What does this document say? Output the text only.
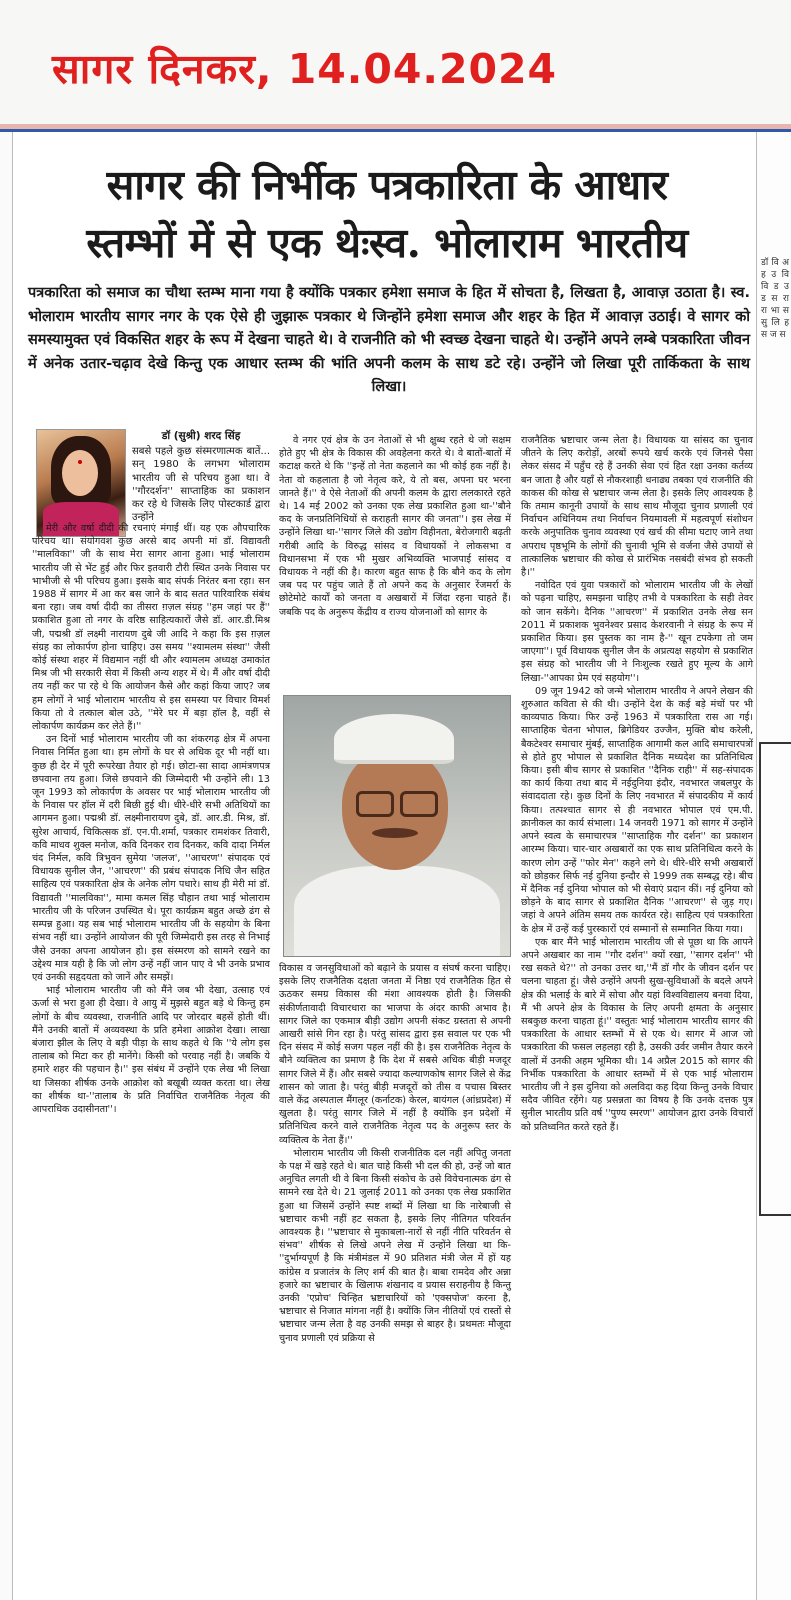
सागर दिनकर, 14.04.2024
डॉ वि अ ह उ वि वि ड उ ड स रा रा भा स सु लि ह स ज स
सागर की निर्भीक पत्रकारिता के आधार
स्तम्भों में से एक थेःस्व. भोलाराम भारतीय
पत्रकारिता को समाज का चौथा स्तम्भ माना गया है क्योंकि पत्रकार हमेशा समाज के हित में सोचता है, लिखता है, आवाज़ उठाता है। स्व. भोलाराम भारतीय सागर नगर के एक ऐसे ही जुझारू पत्रकार थे जिन्होंने हमेशा समाज और शहर के हित में आवाज़ उठाई। वे सागर को समस्यामुक्त एवं विकसित शहर के रूप में देखना चाहते थे। वे राजनीति को भी स्वच्छ देखना चाहते थे। उन्होंने अपने लम्बे पत्रकारिता जीवन में अनेक उतार-चढ़ाव देखे किन्तु एक आधार स्तम्भ की भांति अपनी कलम के साथ डटे रहे। उन्होंने जो लिखा पूरी तार्किकता के साथ लिखा।
डॉ (सुश्री) शरद सिंह
सबसे पहले कुछ संस्मरणात्मक बातें... सन् 1980 के लगभग भोलाराम भारतीय जी से परिचय हुआ था। वे ''गौरदर्शन'' साप्ताहिक का प्रकाशन कर रहे थे जिसके लिए पोस्टकार्ड द्वारा उन्होंने

मेरी और वर्षा दीदी की रचनाएं मंगाईं थीं। यह एक औपचारिक परिचय था। संयोगवश कुछ अरसे बाद अपनी मां डॉ. विद्यावती ''मालविका'' जी के साथ मेरा सागर आना हुआ। भाई भोलाराम भारतीय जी से भेंट हुई और फिर इतवारी टौरी स्थित उनके निवास पर भाभीजी से भी परिचय हुआ। इसके बाद संपर्क निरंतर बना रहा। सन 1988 में सागर में आ कर बस जाने के बाद सतत पारिवारिक संबंध बना रहा। जब वर्षा दीदी का तीसरा ग़ज़ल संग्रह ''हम जहां पर हैं'' प्रकाशित हुआ तो नगर के वरिष्ठ साहित्यकारों जैसे डॉ. आर.डी.मिश्र जी, पद्मश्री डॉ लक्ष्मी नारायण दुबे जी आदि ने कहा कि इस ग़ज़ल संग्रह का लोकार्पण होना चाहिए। उस समय ''श्यामलम संस्था'' जैसी कोई संस्था शहर में विद्यमान नहीं थी और श्यामलम अध्यक्ष उमाकांत मिश्र जी भी सरकारी सेवा में किसी अन्य शहर में थे। मैं और वर्षा दीदी तय नहीं कर पा रहे थे कि आयोजन कैसे और कहां किया जाए? जब हम लोगों ने भाई भोलाराम भारतीय से इस समस्या पर विचार विमर्श किया तो वे तत्काल बोल उठे, ''मेरे घर में बड़ा हॉल है, वहीं से लोकार्पण कार्यक्रम कर लेते हैं।''

उन दिनों भाई भोलाराम भारतीय जी का शंकरगढ़ क्षेत्र में अपना निवास निर्मित हुआ था। हम लोगों के घर से अधिक दूर भी नहीं था। कुछ ही देर में पूरी रूपरेखा तैयार हो गई। छोटा-सा सादा आमंत्रणपत्र छपवाना तय हुआ। जिसे छपवाने की जिम्मेदारी भी उन्होंने ली। 13 जून 1993 को लोकार्पण के अवसर पर भाई भोलाराम भारतीय जी के निवास पर हॉल में दरी बिछी हुई थी। धीरे-धीरे सभी अतिथियों का आगमन हुआ। पद्मश्री डॉ. लक्ष्मीनारायण दुबे, डॉ. आर.डी. मिश्र, डॉ. सुरेश आचार्य, चिकित्सक डॉ. एन.पी.शर्मा, पत्रकार रामशंकर तिवारी, कवि माधव शुक्ल मनोज, कवि दिनकर राव दिनकर, कवि दादा निर्मल चंद निर्मल, कवि त्रिभुवन सुमेया 'जलज', ''आचरण'' संपादक एवं विधायक सुनील जैन, ''आचरण'' की प्रबंध संपादक निधि जैन सहित साहित्य एवं पत्रकारिता क्षेत्र के अनेक लोग पधारे। साथ ही मेरी मां डॉ. विद्यावती ''मालविका'', मामा कमल सिंह चौहान तथा भाई भोलाराम भारतीय जी के परिजन उपस्थित थे। पूरा कार्यक्रम बहुत अच्छे ढंग से सम्पन्न हुआ। यह सब भाई भोलाराम भारतीय जी के सहयोग के बिना संभव नहीं था। उन्होंने आयोजन की पूरी जिम्मेदारी इस तरह से निभाई जैसे उनका अपना आयोजन हो। इस संस्मरण को सामने रखने का उद्देश्य मात्र यही है कि जो लोग उन्हें नहीं जान पाए वे भी उनके प्रभाव एवं उनकी सहृदयता को जानें और समझें।

भाई भोलाराम भारतीय जी को मैंने जब भी देखा, उत्साह एवं ऊर्जा से भरा हुआ ही देखा। वे आयु में मुझसे बहुत बड़े थे किन्तु हम लोगों के बीच व्यवस्था, राजनीति आदि पर जोरदार बहसें होती थीं। मैंने उनकी बातों में अव्यवस्था के प्रति हमेशा आक्रोश देखा। लाखा बंजारा झील के लिए वे बड़ी पीड़ा के साथ कहते थे कि ''ये लोग इस तालाब को मिटा कर ही मानेंगे। किसी को परवाह नहीं है। जबकि ये हमारे शहर की पहचान है।'' इस संबंध में उन्होंने एक लेख भी लिखा था जिसका शीर्षक उनके आक्रोश को बखूबी व्यक्त करता था। लेख का शीर्षक था-''तालाब के प्रति निर्वाचित राजनैतिक नेतृत्व की आपराधिक उदासीनता''।

वे नगर एवं क्षेत्र के उन नेताओं से भी क्षुब्ध रहते थे जो सक्षम होते हुए भी क्षेत्र के विकास की अवहेलना करते थे। वे बातों-बातों में कटाक्ष करते थे कि ''इन्हें तो नेता कहलाने का भी कोई हक नहीं है। नेता वो कहलाता है जो नेतृत्व करे, ये तो बस, अपना घर भरना जानते हैं।'' वे ऐसे नेताओं की अपनी कलम के द्वारा ललकारते रहते थे। 14 मई 2002 को उनका एक लेख प्रकाशित हुआ था-''बौने कद के जनप्रतिनिधियों से कराहती सागर की जनता''। इस लेख में उन्होंने लिखा था-''सागर जिले की उद्योग विहीनता, बेरोजगारी बढ़ती गरीबी आदि के विरुद्ध सांसद व विधायकों ने लोकसभा व विधानसभा में एक भी मुखर अभिव्यक्ति भाजपाई सांसद व विधायक ने नहीं की है। कारण बहुत साफ है कि बौने कद के लोग जब पद पर पहुंच जाते हैं तो अपने कद के अनुसार रेंजमर्रा के छोटेमोटे कार्यों को जनता व अखबारों में जिंदा रहना चाहते हैं। जबकि पद के अनुरूप केंद्रीय व राज्य योजनाओं को सागर के

विकास व जनसुविधाओं को बढ़ाने के प्रयास व संघर्ष करना चाहिए। इसके लिए राजनैतिक दक्षता जनता में निष्ठा एवं राजनैतिक हित से ऊठकर समग्र विकास की मंशा आवश्यक होती है। जिसकी संकीर्णतावादी विचारधारा का भाजपा के अंदर काफी अभाव है। सागर जिले का एकमात्र बीड़ी उद्योग अपनी संकट ग्रस्तता से अपनी आखरी सांसे गिन रहा है। परंतु सांसद द्वारा इस सवाल पर एक भी दिन संसद में कोई सजग पहल नहीं की है। इस राजनैतिक नेतृत्व के बौने व्यक्तित्व का प्रमाण है कि देश में सबसे अधिक बीड़ी मजदूर सागर जिले में हैं। और सबसे ज्यादा कल्याणकोष सागर जिले से केंद्र शासन को जाता है। परंतु बीड़ी मजदूरों को तीस व पचास बिस्तर वाले केंद्र अस्पताल मैंगलूर (कर्नाटक) केरल, बायंगल (आंध्रप्रदेश) में खुलता है। परंतु सागर जिले में नहीं है क्योंकि इन प्रदेशों में प्रतिनिधित्व करने वाले राजनैतिक नेतृत्व पद के अनुरूप स्तर के व्यक्तित्व के नेता हैं।''

भोलाराम भारतीय जी किसी राजनीतिक दल नहीं अपितु जनता के पक्ष में खड़े रहते थे। बात चाहे किसी भी दल की हो, उन्हें जो बात अनुचित लगती थी वे बिना किसी संकोच के उसे विवेचनात्मक ढंग से सामने रख देते थे। 21 जुलाई 2011 को उनका एक लेख प्रकाशित हुआ था जिसमें उन्होंने स्पष्ट शब्दों में लिखा था कि नारेबाजी से भ्रष्टाचार कभी नहीं हट सकता है, इसके लिए नीतिगत परिवर्तन आवश्यक है। ''भ्रष्टाचार से मुकाबला-नारों से नहीं नीति परिवर्तन से संभव'' शीर्षक से लिखे अपने लेख में उन्होंने लिखा था कि-''दुर्भाग्यपूर्ण है कि मंत्रीमंडल में 90 प्रतिशत मंत्री जेल में हों यह कांग्रेस व प्रजातंत्र के लिए शर्म की बात है। बाबा रामदेव और अन्ना हजारे का भ्रष्टाचार के खिलाफ शंखनाद व प्रयास सराहनीय है किन्तु उनकी 'एप्रोच' चिन्हित भ्रष्टाचारियों को 'एक्सपोज' करना है, भ्रष्टाचार से निजात मांगना नहीं है। क्योंकि जिन नीतियों एवं रास्तों से भ्रष्टाचार जन्म लेता है वह उनकी समझ से बाहर है। प्रथमतः मौजूदा चुनाव प्रणाली एवं प्रक्रिया से

राजनैतिक भ्रष्टाचार जन्म लेता है। विधायक या सांसद का चुनाव जीतने के लिए करोड़ों, अरबों रूपये खर्च करके एवं जिनसे पैसा लेकर संसद में पहुँच रहे हैं उनकी सेवा एवं हित रक्षा उनका कर्तव्य बन जाता है और यहाँ से नौकरशाही धनाढ्य तबका एवं राजनीति की काकस की कोख से भ्रष्टाचार जन्म लेता है। इसके लिए आवश्यक है कि तमाम कानूनी उपायों के साथ साथ मौजूदा चुनाव प्रणाली एवं निर्वाचन अधिनियम तथा निर्वाचन नियमावली में महत्वपूर्ण संशोधन करके अनुपातिक चुनाव व्यवस्था एवं खर्च की सीमा घटाए जाने तथा अपराध पृष्ठभूमि के लोगों की चुनावी भूमि से वर्जना जैसे उपायों से तात्कालिक भ्रष्टाचार की कोख से प्रारंभिक नसबंदी संभव हो सकती है।''

नवोदित एवं युवा पत्रकारों को भोलाराम भारतीय जी के लेखों को पढ़ना चाहिए, समझना चाहिए तभी वे पत्रकारिता के सही तेवर को जान सकेंगे। दैनिक ''आचरण'' में प्रकाशित उनके लेख सन 2011 में प्रकाशक भुवनेश्वर प्रसाद केशरवानी ने संग्रह के रूप में प्रकाशित किया। इस पुस्तक का नाम है-'' खून टपकेगा तो जम जाएगा''। पूर्व विधायक सुनील जैन के अप्रत्यक्ष सहयोग से प्रकाशित इस संग्रह को भारतीय जी ने निःशुल्क रखते हुए मूल्य के आगे लिखा-''आपका प्रेम एवं सहयोग''।

09 जून 1942 को जन्मे भोलाराम भारतीय ने अपने लेखन की शुरुआत कविता से की थी। उन्होंने देश के कई बड़े मंचों पर भी काव्यपाठ किया। फिर उन्हें 1963 में पत्रकारिता रास आ गई। साप्ताहिक चेतना भोपाल, ब्रिगेडियर उज्जैन, मुक्ति बोध करेली, बैकटेश्वर समाचार मुंबई, साप्ताहिक आगामी कल आदि समाचारपत्रों से होते हुए भोपाल से प्रकाशित दैनिक मध्यदेश का प्रतिनिधित्व किया। इसी बीच सागर से प्रकाशित ''दैनिक राही'' में सह-संपादक का कार्य किया तथा बाद में नईदुनिया इंदौर, नवभारत जबलपुर के संवाददाता रहे। कुछ दिनों के लिए नवभारत में संपादकीय में कार्य किया। तत्पश्चात सागर से ही नवभारत भोपाल एवं एम.पी. क्रानीकल का कार्य संभाला। 14 जनवरी 1971 को सागर में उन्होंने अपने स्वत्व के समाचारपत्र ''साप्ताहिक गौर दर्शन'' का प्रकाशन आरम्भ किया। चार-चार अखबारों का एक साथ प्रतिनिधित्व करने के कारण लोग उन्हें ''फोर मेन'' कहने लगे थे। धीरे-धीरे सभी अखबारों को छोड़कर सिर्फ नई दुनिया इन्दौर से 1999 तक सम्बद्ध रहे। बीच में दैनिक नई दुनिया भोपाल को भी सेवाएं प्रदान कीं। नई दुनिया को छोड़ने के बाद सागर से प्रकाशित दैनिक ''आचरण'' से जुड़ गए। जहां वे अपने अंतिम समय तक कार्यरत रहे। साहित्य एवं पत्रकारिता के क्षेत्र में उन्हें कई पुरस्कारों एवं सम्मानों से सम्मानित किया गया।

एक बार मैंने भाई भोलाराम भारतीय जी से पूछा था कि आपने अपने अखबार का नाम ''गौर दर्शन'' क्यों रखा, ''सागर दर्शन'' भी रख सकते थे?'' तो उनका उत्तर था,''मैं डॉ गौर के जीवन दर्शन पर चलना चाहता हूं। जैसे उन्होंने अपनी सुख-सुविधाओं के बदले अपने क्षेत्र की भलाई के बारे में सोचा और यहां विश्वविद्यालय बनवा दिया, मैं भी अपने क्षेत्र के विकास के लिए अपनी क्षमता के अनुसार सबकुछ करना चाहता हूं।'' वस्तुतः भाई भोलाराम भारतीय सागर की पत्रकारिता के आधार स्तम्भों में से एक थे। सागर में आज जो पत्रकारिता की फसल लहलहा रही है, उसकी उर्वर जमीन तैयार करने वालों में उनकी अहम भूमिका थी। 14 अप्रैल 2015 को सागर की निर्भीक पत्रकारिता के आधार स्तम्भों में से एक भाई भोलाराम भारतीय जी ने इस दुनिया को अलविदा कह दिया किन्तु उनके विचार सदैव जीवित रहेंगे। यह प्रसन्नता का विषय है कि उनके दत्तक पुत्र सुनील भारतीय प्रति वर्ष ''पुण्य स्मरण'' आयोजन द्वारा उनके विचारों को प्रतिध्वनित करते रहते हैं।
